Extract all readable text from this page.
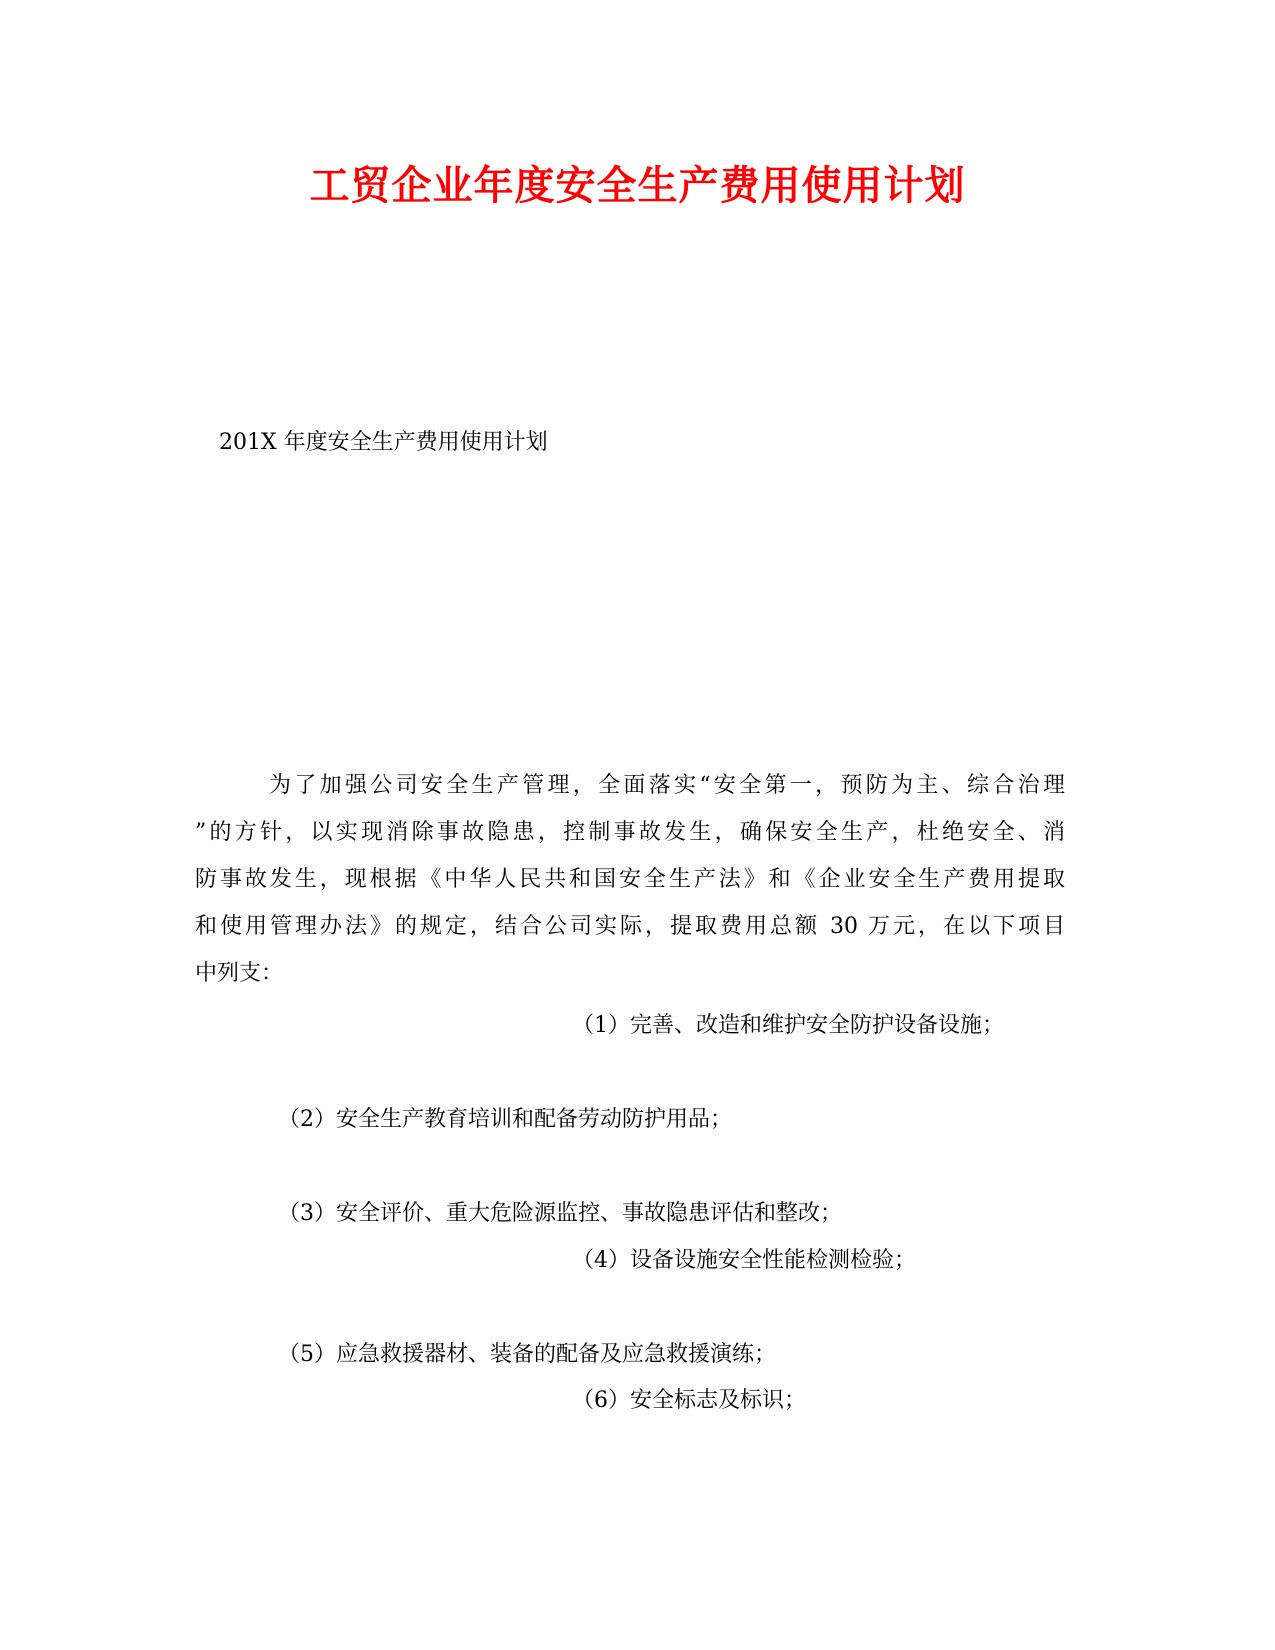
工贸企业年度安全生产费用使用计划
201X 年度安全生产费用使用计划

为了加强公司安全生产管理，全面落实“安全第一，预防为主、综合治理
”的方针，以实现消除事故隐患，控制事故发生，确保安全生产，杜绝安全、消
防事故发生，现根据《中华人民共和国安全生产法》和《企业安全生产费用提取
和使用管理办法》的规定，结合公司实际，提取费用总额 30 万元，在以下项目
中列支：

（1）完善、改造和维护安全防护设备设施；
（2）安全生产教育培训和配备劳动防护用品；
（3）安全评价、重大危险源监控、事故隐患评估和整改；
（4）设备设施安全性能检测检验；
（5）应急救援器材、装备的配备及应急救援演练；
（6）安全标志及标识；
